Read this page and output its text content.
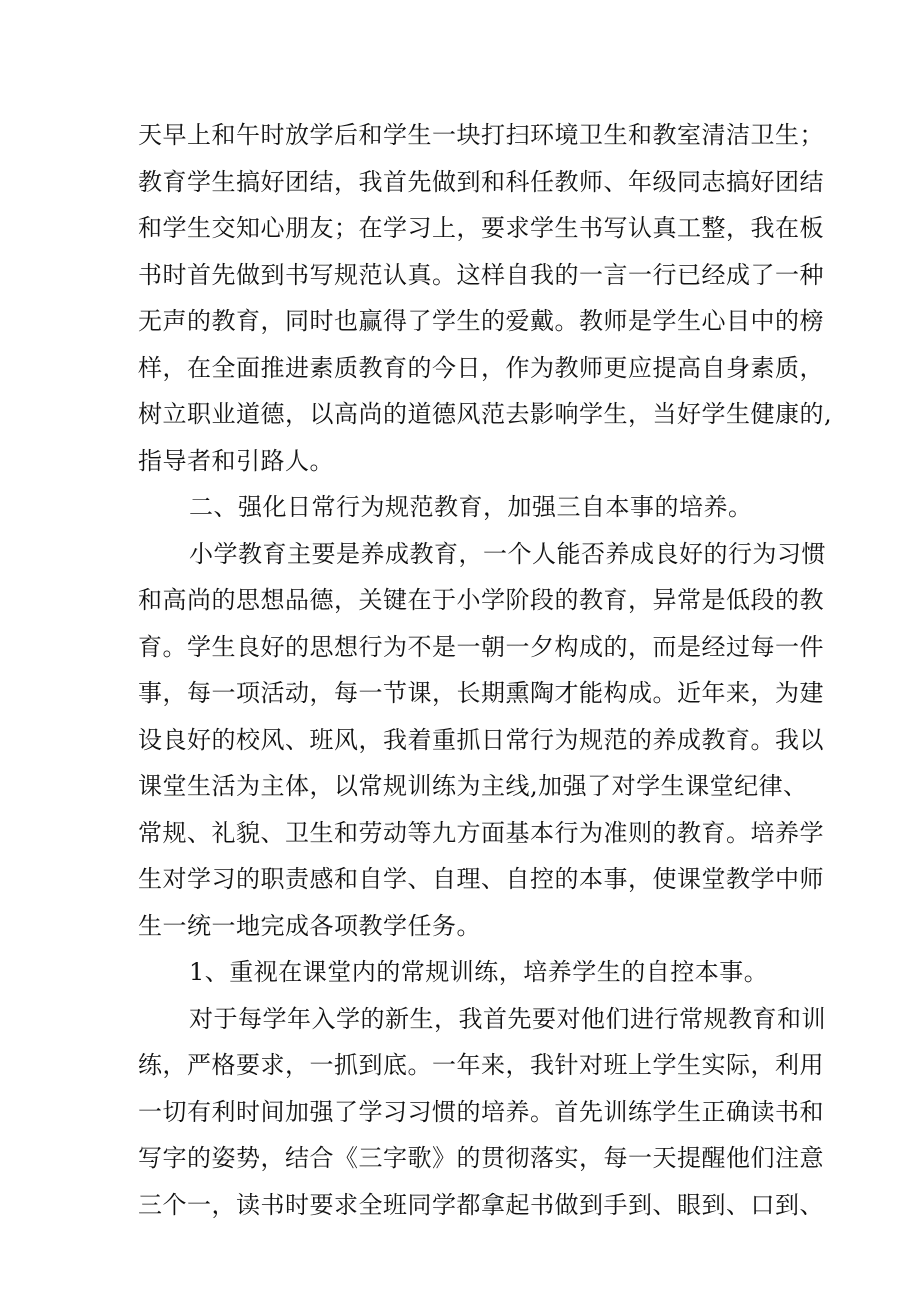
天早上和午时放学后和学生一块打扫环境卫生和教室清洁卫生；
教育学生搞好团结，我首先做到和科任教师、年级同志搞好团结
和学生交知心朋友；在学习上，要求学生书写认真工整，我在板
书时首先做到书写规范认真。这样自我的一言一行已经成了一种
无声的教育，同时也赢得了学生的爱戴。教师是学生心目中的榜
样，在全面推进素质教育的今日，作为教师更应提高自身素质，
树立职业道德，以高尚的道德风范去影响学生，当好学生健康的,
指导者和引路人。
二、强化日常行为规范教育，加强三自本事的培养。
小学教育主要是养成教育，一个人能否养成良好的行为习惯
和高尚的思想品德，关键在于小学阶段的教育，异常是低段的教
育。学生良好的思想行为不是一朝一夕构成的，而是经过每一件
事，每一项活动，每一节课，长期熏陶才能构成。近年来，为建
设良好的校风、班风，我着重抓日常行为规范的养成教育。我以
课堂生活为主体，以常规训练为主线,加强了对学生课堂纪律、
常规、礼貌、卫生和劳动等九方面基本行为准则的教育。培养学
生对学习的职责感和自学、自理、自控的本事，使课堂教学中师
生一统一地完成各项教学任务。
1、重视在课堂内的常规训练，培养学生的自控本事。
对于每学年入学的新生，我首先要对他们进行常规教育和训
练，严格要求，一抓到底。一年来，我针对班上学生实际，利用
一切有利时间加强了学习习惯的培养。首先训练学生正确读书和
写字的姿势，结合《三字歌》的贯彻落实，每一天提醒他们注意
三个一，读书时要求全班同学都拿起书做到手到、眼到、口到、
